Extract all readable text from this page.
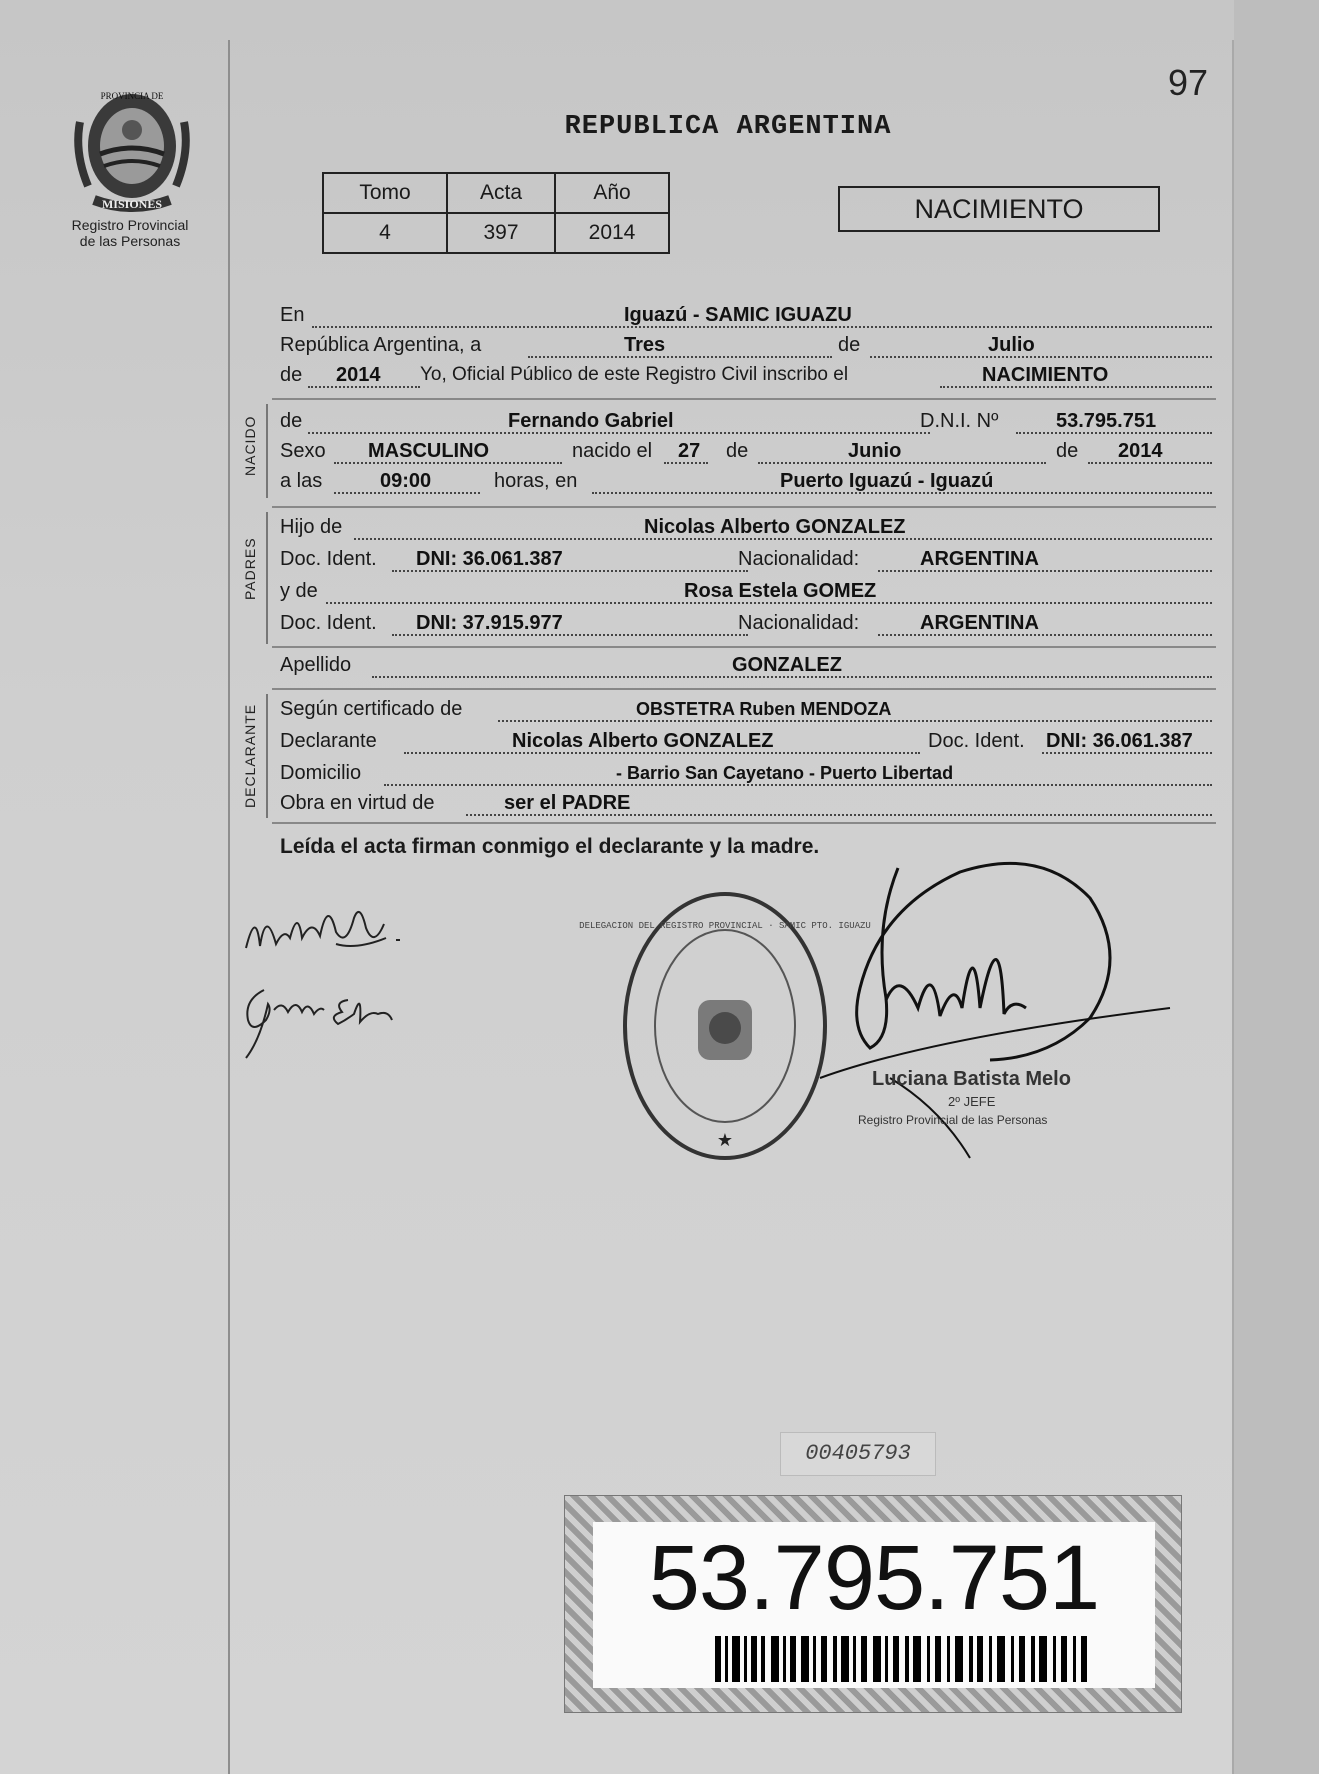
PROVINCIA DE
MISIONES
Registro Provincial
de las Personas
97
REPUBLICA ARGENTINA
Tomo	Acta	Año
4	397	2014
NACIMIENTO
En	Iguazú - SAMIC IGUAZU
República Argentina, a	Tres	de	Julio
de 2014 Yo, Oficial Público de este Registro Civil inscribo el	NACIMIENTO
NACIDO de	Fernando Gabriel	D.N.I. Nº	53.795.751
Sexo MASCULINO	nacido el 27 de	Junio	de 2014
a las	09:00	horas, en	Puerto Iguazú - Iguazú
PADRES
Hijo de	Nicolas Alberto GONZALEZ
Doc. Ident. DNI: 36.061.387	Nacionalidad:	ARGENTINA
y de	Rosa Estela GOMEZ
Doc. Ident. DNI: 37.915.977	Nacionalidad:	ARGENTINA
Apellido	GONZALEZ
DECLARANTE Según certificado de	OBSTETRA Ruben MENDOZA
Declarante	Nicolas Alberto GONZALEZ	Doc. Ident. DNI: 36.061.387
Domicilio	- Barrio San Cayetano - Puerto Libertad
Obra en virtud de	ser el PADRE
Leída el acta firman conmigo el declarante y la madre.
★
DELEGACION DEL REGISTRO PROVINCIAL · SAMIC PTO. IGUAZU
Luciana Batista Melo
2º JEFE
Registro Provincial de las Personas
00405793
53.795.751
